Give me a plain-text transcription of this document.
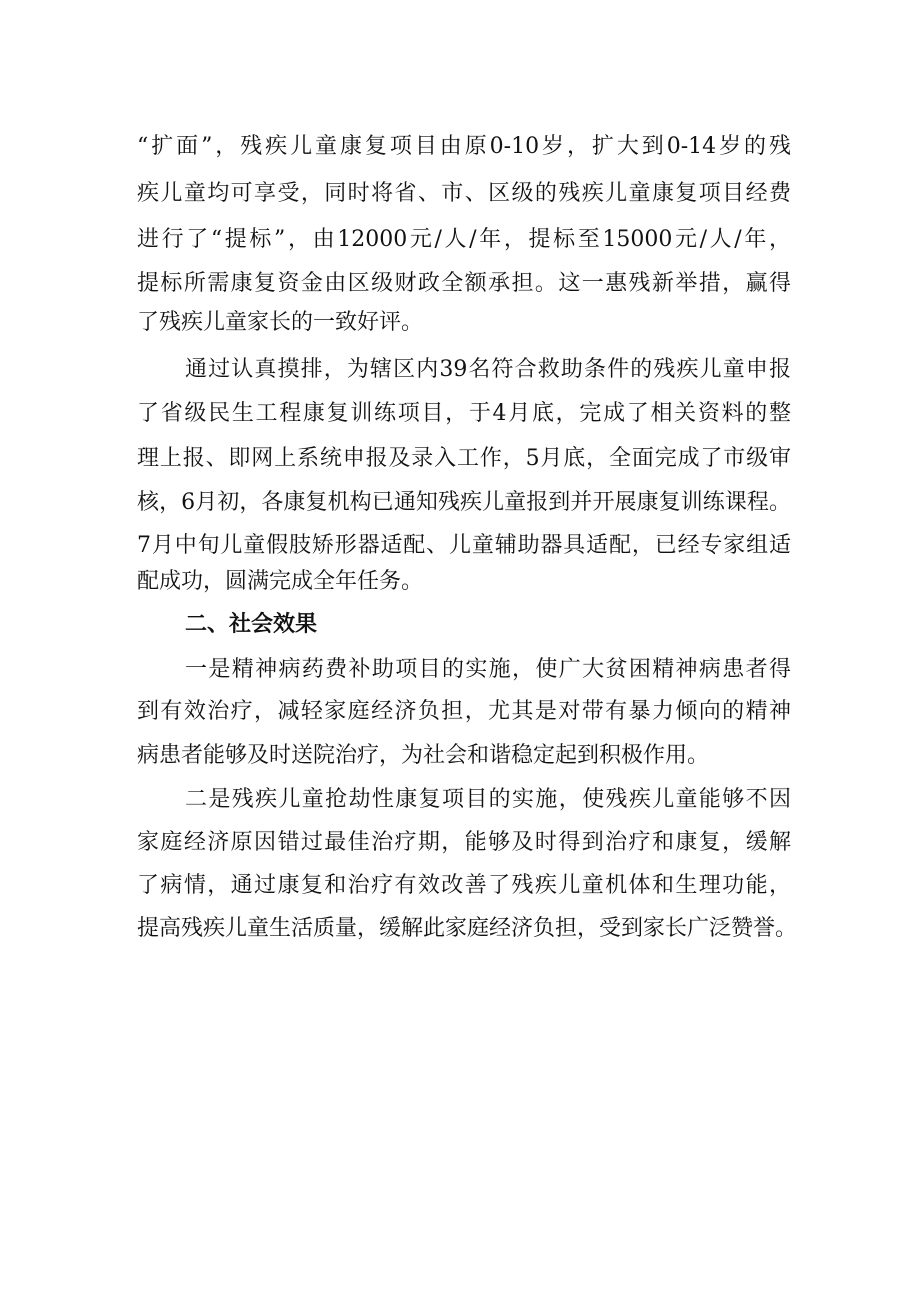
“扩面”，残疾儿童康复项目由原0-10岁，扩大到0-14岁的残
疾儿童均可享受，同时将省、市、区级的残疾儿童康复项目经费
进行了“提标”，由12000元/人/年，提标至15000元/人/年，
提标所需康复资金由区级财政全额承担。这一惠残新举措，赢得
了残疾儿童家长的一致好评。
通过认真摸排，为辖区内39名符合救助条件的残疾儿童申报
了省级民生工程康复训练项目，于4月底，完成了相关资料的整
理上报、即网上系统申报及录入工作，5月底，全面完成了市级审
核，6月初，各康复机构已通知残疾儿童报到并开展康复训练课程。
7月中旬儿童假肢矫形器适配、儿童辅助器具适配，已经专家组适
配成功，圆满完成全年任务。
二、社会效果
一是精神病药费补助项目的实施，使广大贫困精神病患者得
到有效治疗，减轻家庭经济负担，尤其是对带有暴力倾向的精神
病患者能够及时送院治疗，为社会和谐稳定起到积极作用。
二是残疾儿童抢劫性康复项目的实施，使残疾儿童能够不因
家庭经济原因错过最佳治疗期，能够及时得到治疗和康复，缓解
了病情，通过康复和治疗有效改善了残疾儿童机体和生理功能，
提高残疾儿童生活质量，缓解此家庭经济负担，受到家长广泛赞誉。
